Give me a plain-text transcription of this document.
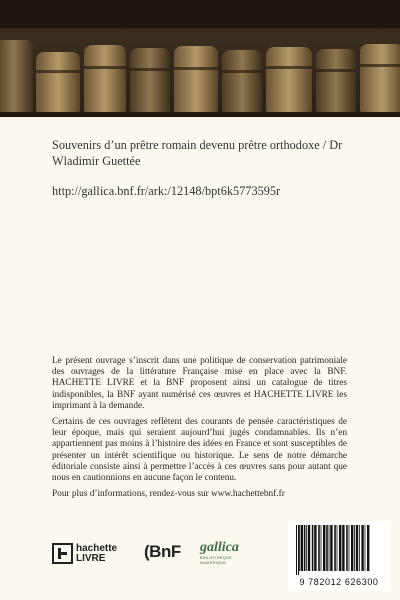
Souvenirs d’un prêtre romain devenu prêtre orthodoxe / Dr Wladimir Guettée
http://gallica.bnf.fr/ark:/12148/bpt6k5773595r

Le présent ouvrage s’inscrit dans une politique de conservation patrimoniale des ouvrages de la littérature Française mise en place avec la BNF. HACHETTE LIVRE et la BNF proposent ainsi un catalogue de titres indisponibles, la BNF ayant numérisé ces œuvres et HACHETTE LIVRE les imprimant à la demande.

Certains de ces ouvrages reflètent des courants de pensée caractéristiques de leur époque, mais qui seraient aujourd’hui jugés condamnables. Ils n’en appartiennent pas moins à l’histoire des idées en France et sont susceptibles de présenter un intérêt scientifique ou historique. Le sens de notre démarche éditoriale consiste ainsi à permettre l’accès à ces œuvres sans pour autant que nous en cautionnions en aucune façon le contenu.

Pour plus d’informations, rendez-vous sur www.hachettebnf.fr

hachette
LIVRE	(BnF gallica
BIBLIOTHÈQUE NUMÉRIQUE
9 782012 626300
